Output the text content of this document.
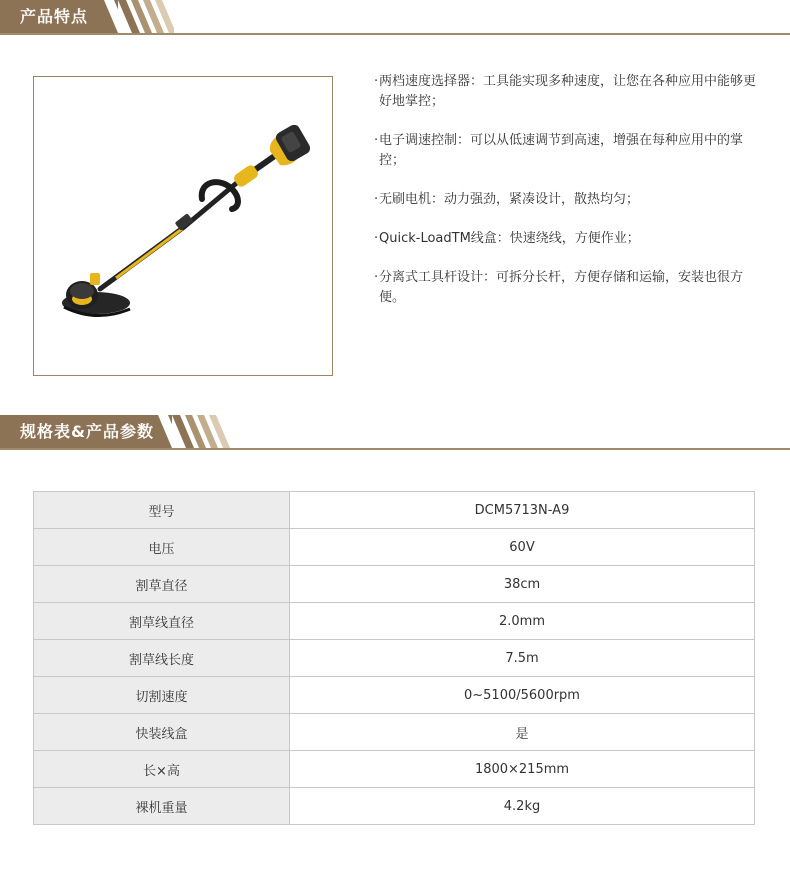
产品特点
· 两档速度选择器：工具能实现多种速度，让您在各种应用中能够更好地掌控；
· 电子调速控制：可以从低速调节到高速，增强在每种应用中的掌控；
· 无刷电机：动力强劲，紧凑设计，散热均匀；
· Quick-LoadTM线盒：快速绕线，方便作业；
· 分离式工具杆设计：可拆分长杆，方便存储和运输，安装也很方便。
规格表&产品参数
型号	DCM5713N-A9
电压	60V
割草直径	38cm
割草线直径	2.0mm
割草线长度	7.5m
切割速度	0~5100/5600rpm
快装线盒	是
长×高	1800×215mm
裸机重量	4.2kg
